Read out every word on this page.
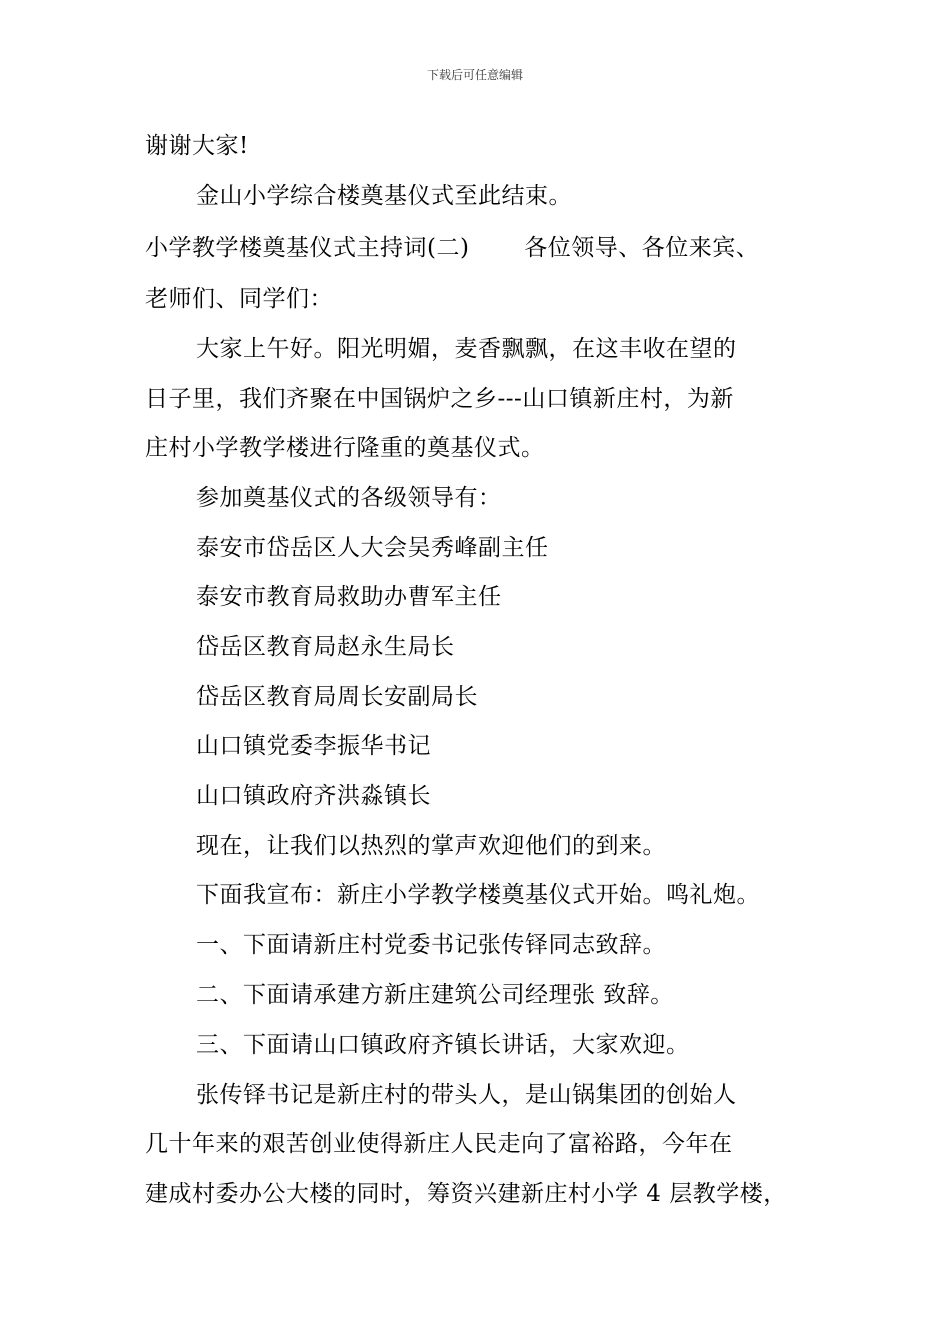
下载后可任意编辑
谢谢大家!
金山小学综合楼奠基仪式至此结束。
小学教学楼奠基仪式主持词(二)　　 各位领导、各位来宾、
老师们、同学们：
大家上午好。阳光明媚，麦香飘飘，在这丰收在望的
日子里，我们齐聚在中国锅炉之乡---山口镇新庄村，为新
庄村小学教学楼进行隆重的奠基仪式。
参加奠基仪式的各级领导有：
泰安市岱岳区人大会吴秀峰副主任
泰安市教育局救助办曹军主任
岱岳区教育局赵永生局长
岱岳区教育局周长安副局长
山口镇党委李振华书记
山口镇政府齐洪淼镇长
现在，让我们以热烈的掌声欢迎他们的到来。
下面我宣布：新庄小学教学楼奠基仪式开始。鸣礼炮。
一、下面请新庄村党委书记张传铎同志致辞。
二、下面请承建方新庄建筑公司经理张 致辞。
三、下面请山口镇政府齐镇长讲话，大家欢迎。
张传铎书记是新庄村的带头人，是山锅集团的创始人
几十年来的艰苦创业使得新庄人民走向了富裕路，今年在
建成村委办公大楼的同时，筹资兴建新庄村小学 4 层教学楼，
